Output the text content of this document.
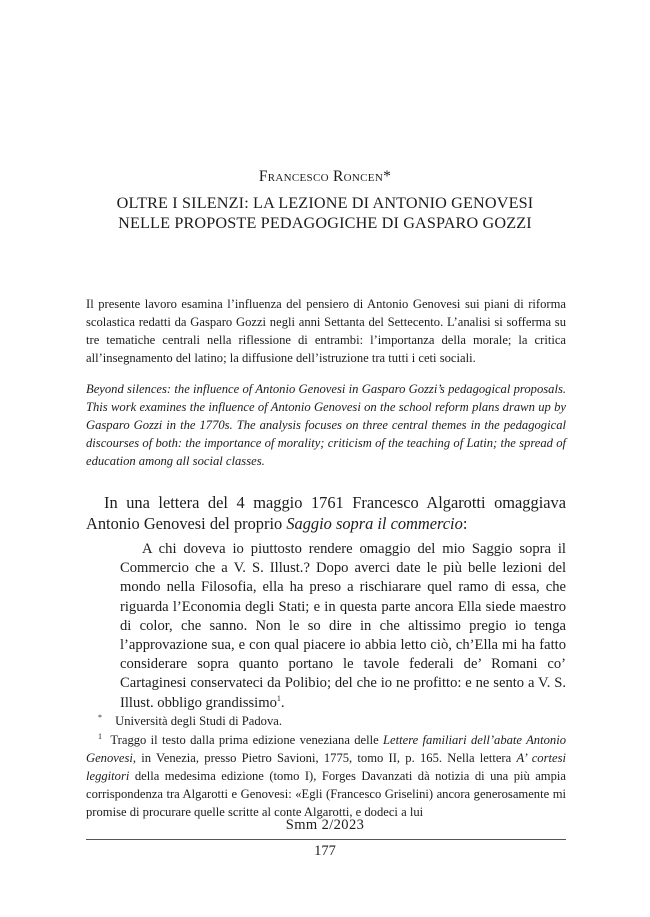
Francesco Roncen*
OLTRE I SILENZI: LA LEZIONE DI ANTONIO GENOVESI
NELLE PROPOSTE PEDAGOGICHE DI GASPARO GOZZI

Il presente lavoro esamina l’influenza del pensiero di Antonio Genovesi sui piani di riforma scolastica redatti da Gasparo Gozzi negli anni Settanta del Settecento. L’analisi si sofferma su tre tematiche centrali nella riflessione di entrambi: l’importanza della morale; la critica all’insegnamento del latino; la diffusione dell’istruzione tra tutti i ceti sociali.

Beyond silences: the influence of Antonio Genovesi in Gasparo Gozzi’s pedagogical proposals. This work examines the influence of Antonio Genovesi on the school reform plans drawn up by Gasparo Gozzi in the 1770s. The analysis focuses on three central themes in the pedagogical discourses of both: the importance of morality; criticism of the teaching of Latin; the spread of education among all social classes.

In una lettera del 4 maggio 1761 Francesco Algarotti omaggiava Antonio Genovesi del proprio Saggio sopra il commercio:

A chi doveva io piuttosto rendere omaggio del mio Saggio sopra il Commercio che a V. S. Illust.? Dopo averci date le più belle lezioni del mondo nella Filosofia, ella ha preso a rischiarare quel ramo di essa, che riguarda l’Economia degli Stati; e in questa parte ancora Ella siede maestro di color, che sanno. Non le so dire in che altissimo pregio io tenga l’approvazione sua, e con qual piacere io abbia letto ciò, ch’Ella mi ha fatto considerare sopra quanto portano le tavole federali de’ Romani co’ Cartaginesi conservateci da Polibio; del che io ne profitto: e ne sento a V. S. Illust. obbligo grandissimo$^1$.

* Università degli Studi di Padova.

$^1$ Traggo il testo dalla prima edizione veneziana delle Lettere familiari dell’abate Antonio Genovesi, in Venezia, presso Pietro Savioni, 1775, tomo II, p. 165. Nella lettera A’ cortesi leggitori della medesima edizione (tomo I), Forges Davanzati dà notizia di una più ampia corrispondenza tra Algarotti e Genovesi: «Egli (Francesco Griselini) ancora generosamente mi promise di procurare quelle scritte al conte Algarotti, e dodeci a lui

Smm 2/2023
177
